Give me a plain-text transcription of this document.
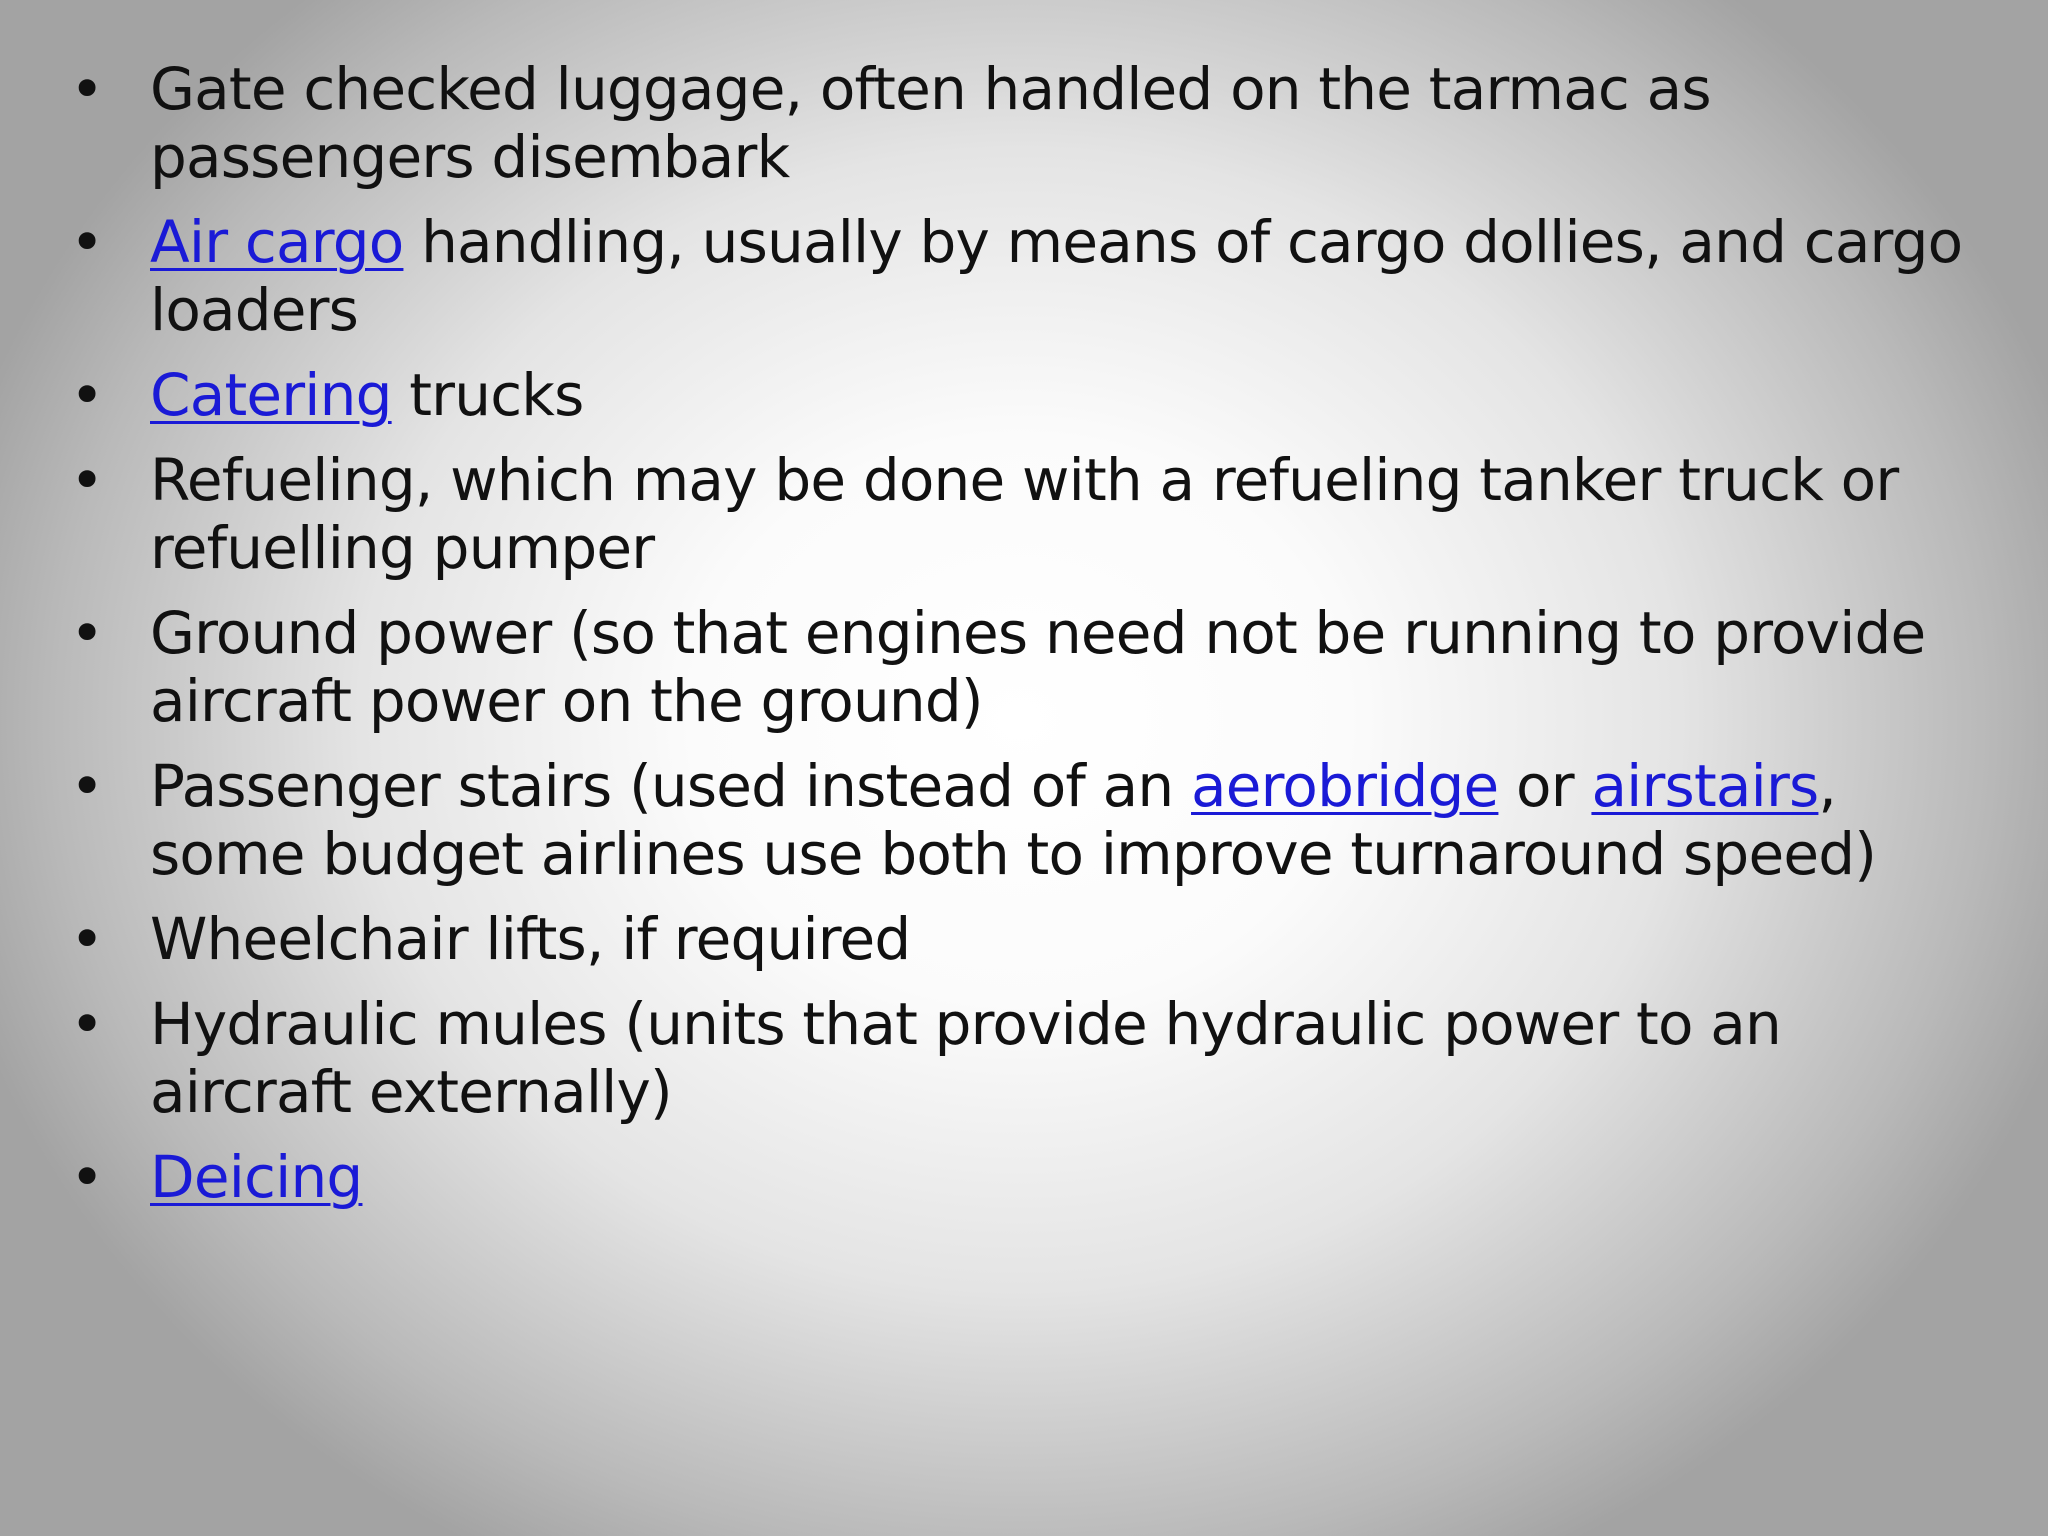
• Gate checked luggage, often handled on the tarmac as passengers disembark
• Air cargo handling, usually by means of cargo dollies, and cargo loaders
• Catering trucks
• Refueling, which may be done with a refueling tanker truck or refuelling pumper
• Ground power (so that engines need not be running to provide aircraft power on the ground)
• Passenger stairs (used instead of an aerobridge or airstairs, some budget airlines use both to improve turnaround speed)
• Wheelchair lifts, if required
• Hydraulic mules (units that provide hydraulic power to an aircraft externally)
• Deicing
